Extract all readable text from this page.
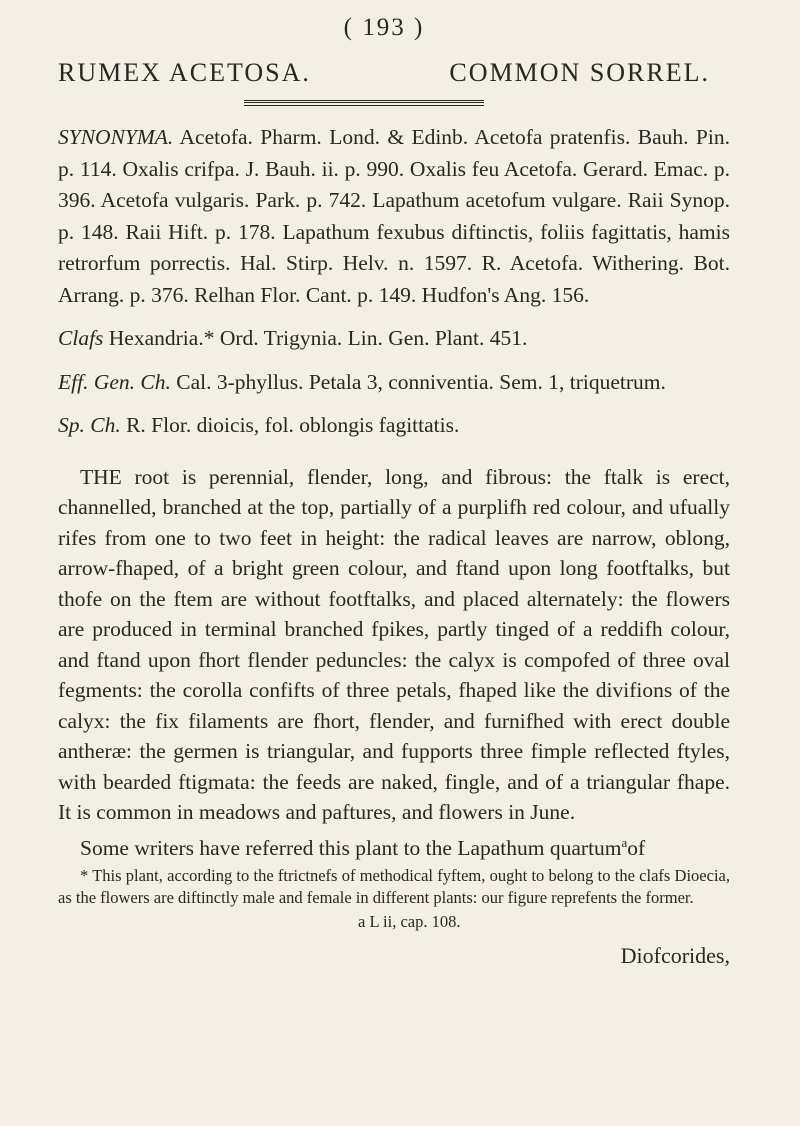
( 193 )
RUMEX ACETOSA.	COMMON SORREL.

SYNONYMA. Acetofa. Pharm. Lond. & Edinb. Acetofa pratenfis. Bauh. Pin. p. 114. Oxalis crifpa. J. Bauh. ii. p. 990. Oxalis feu Acetofa. Gerard. Emac. p. 396. Acetofa vulgaris. Park. p. 742. Lapathum acetofum vulgare. Raii Synop. p. 148. Raii Hift. p. 178. Lapathum fexubus diftinctis, foliis fagittatis, hamis retrorfum porrectis. Hal. Stirp. Helv. n. 1597. R. Acetofa. Withering. Bot. Arrang. p. 376. Relhan Flor. Cant. p. 149. Hudfon's Ang. 156.

Clafs Hexandria.* Ord. Trigynia. Lin. Gen. Plant. 451.

Eff. Gen. Ch. Cal. 3-phyllus. Petala 3, conniventia. Sem. 1, triquetrum.

Sp. Ch. R. Flor. dioicis, fol. oblongis fagittatis.

THE root is perennial, flender, long, and fibrous: the ftalk is erect, channelled, branched at the top, partially of a purplifh red colour, and ufually rifes from one to two feet in height: the radical leaves are narrow, oblong, arrow-fhaped, of a bright green colour, and ftand upon long footftalks, but thofe on the ftem are without footftalks, and placed alternately: the flowers are produced in terminal branched fpikes, partly tinged of a reddifh colour, and ftand upon fhort flender peduncles: the calyx is compofed of three oval fegments: the corolla confifts of three petals, fhaped like the divifions of the calyx: the fix filaments are fhort, flender, and furnifhed with erect double antheræ: the germen is triangular, and fupports three fimple reflected ftyles, with bearded ftigmata: the feeds are naked, fingle, and of a triangular fhape. It is common in meadows and paftures, and flowers in June.

Some writers have referred this plant to the Lapathum quartum$^a$of

* This plant, according to the ftrictnefs of methodical fyftem, ought to belong to the clafs Dioecia, as the flowers are diftinctly male and female in different plants: our figure reprefents the former.

a L ii, cap. 108.

Diofcorides,
